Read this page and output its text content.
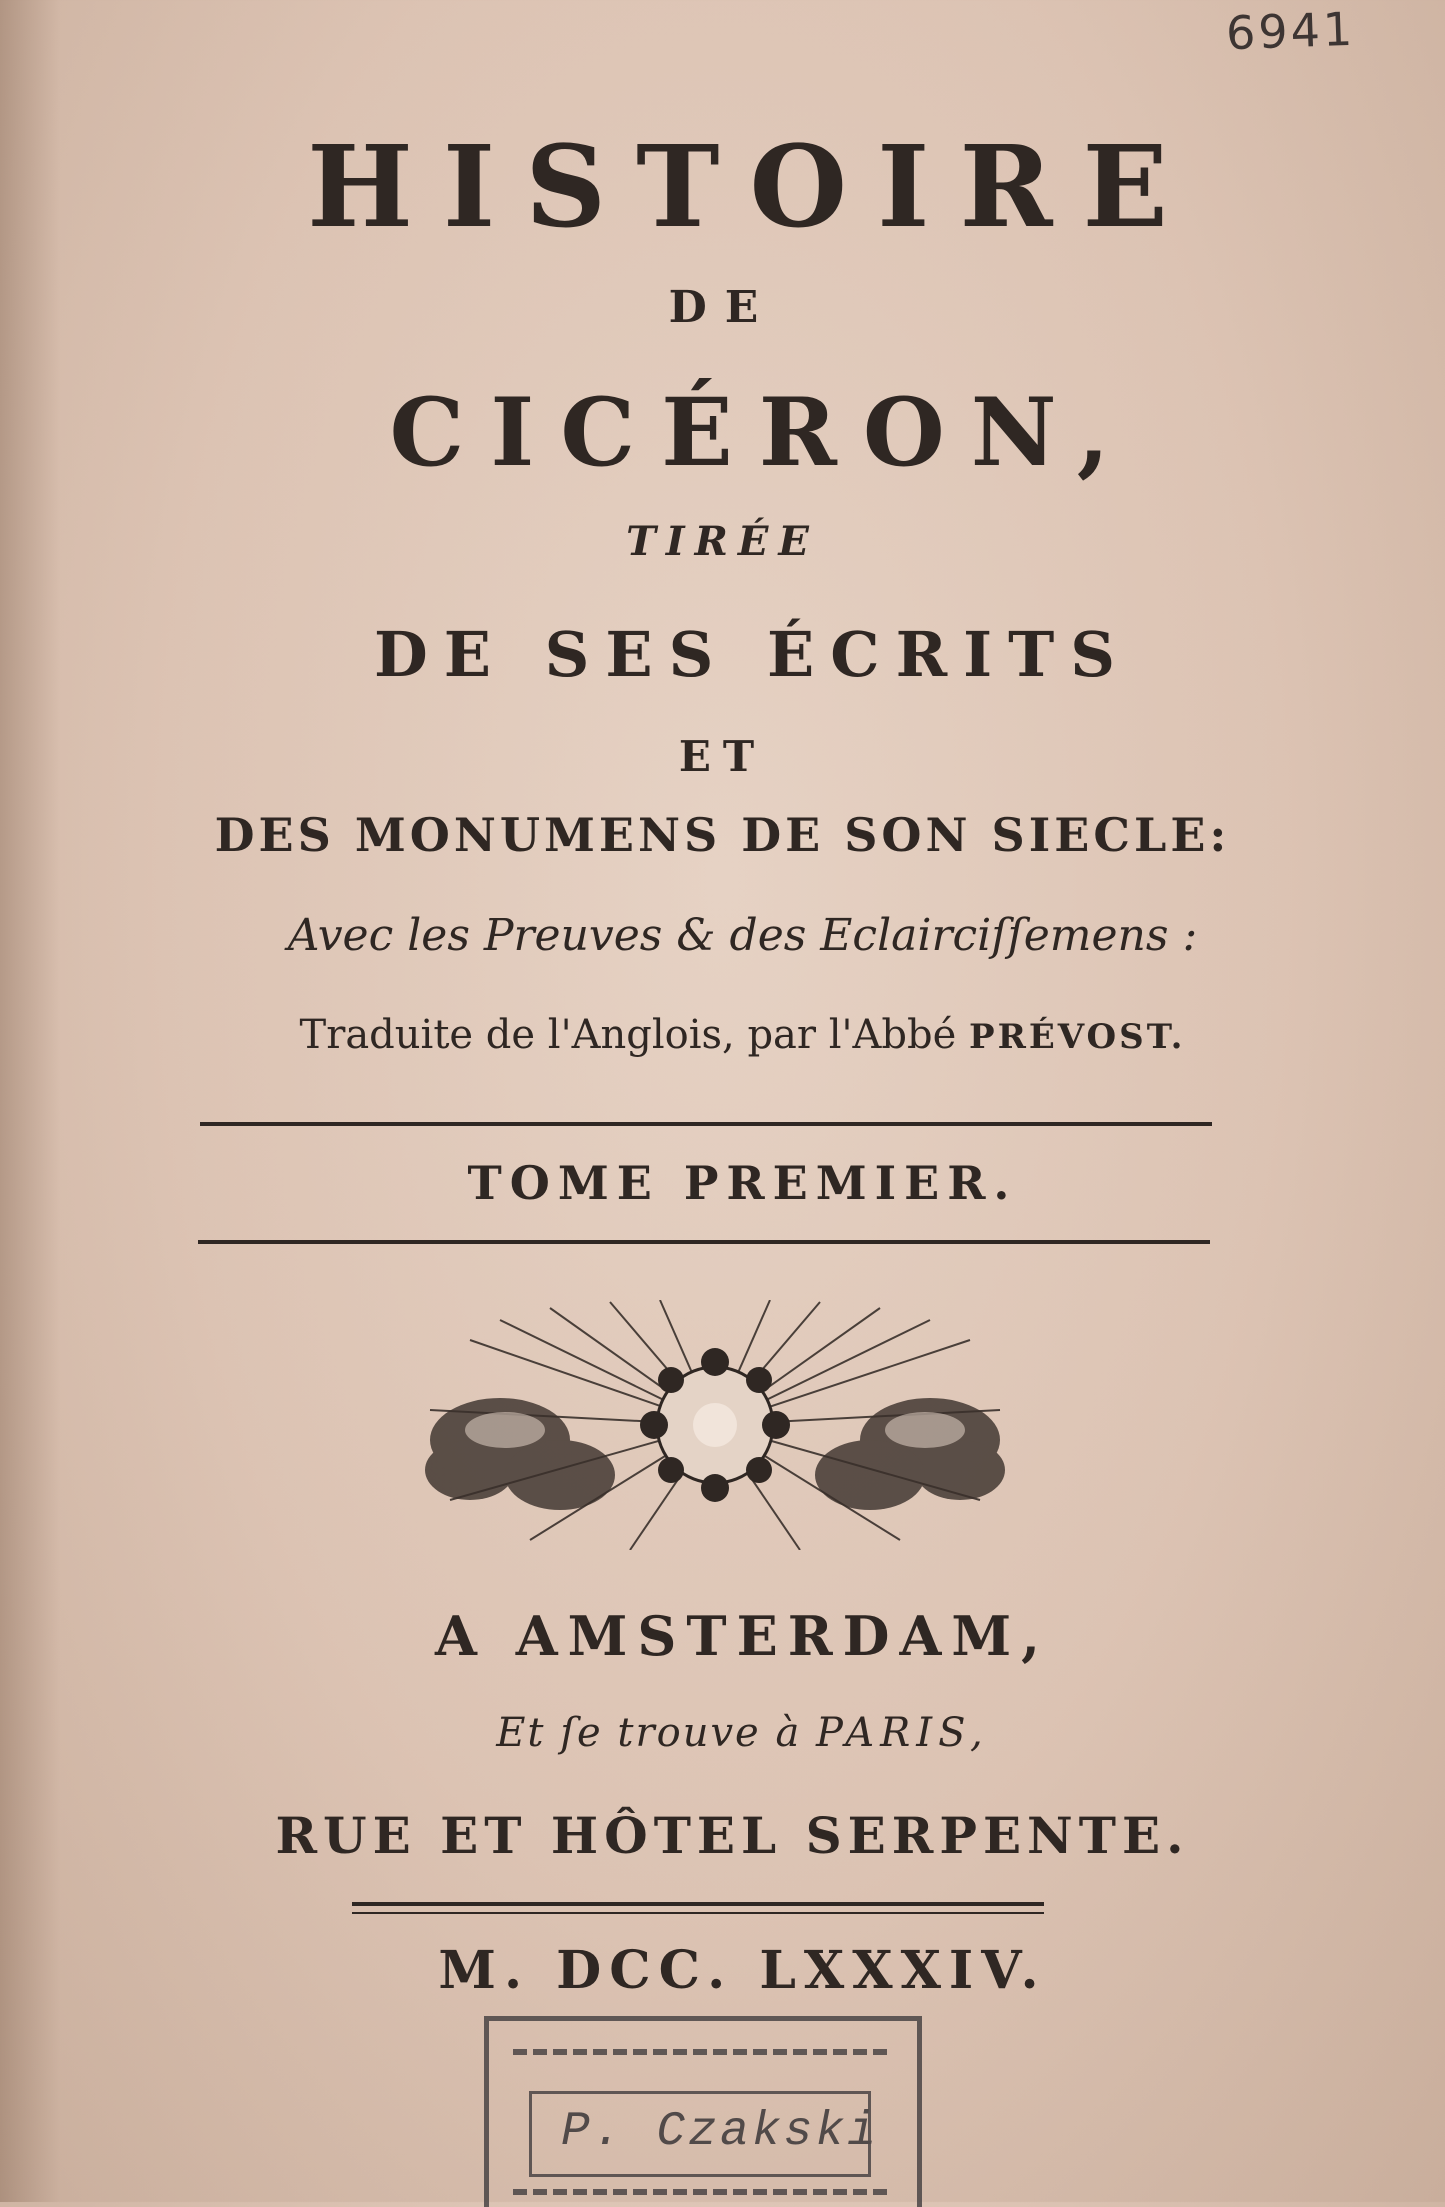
6941
HISTOIRE
DE
CICÉRON,
TIRÉE
DE SES ÉCRITS
ET
DES MONUMENS DE SON SIECLE:
Avec les Preuves & des Eclairciſſemens :
Traduite de l'Anglois, par l'Abbé PRÉVOST.
TOME PREMIER.
A AMSTERDAM,
Et ſe trouve à PARIS,
RUE ET HÔTEL SERPENTE.
M. DCC. LXXXIV.
P. Czakski
